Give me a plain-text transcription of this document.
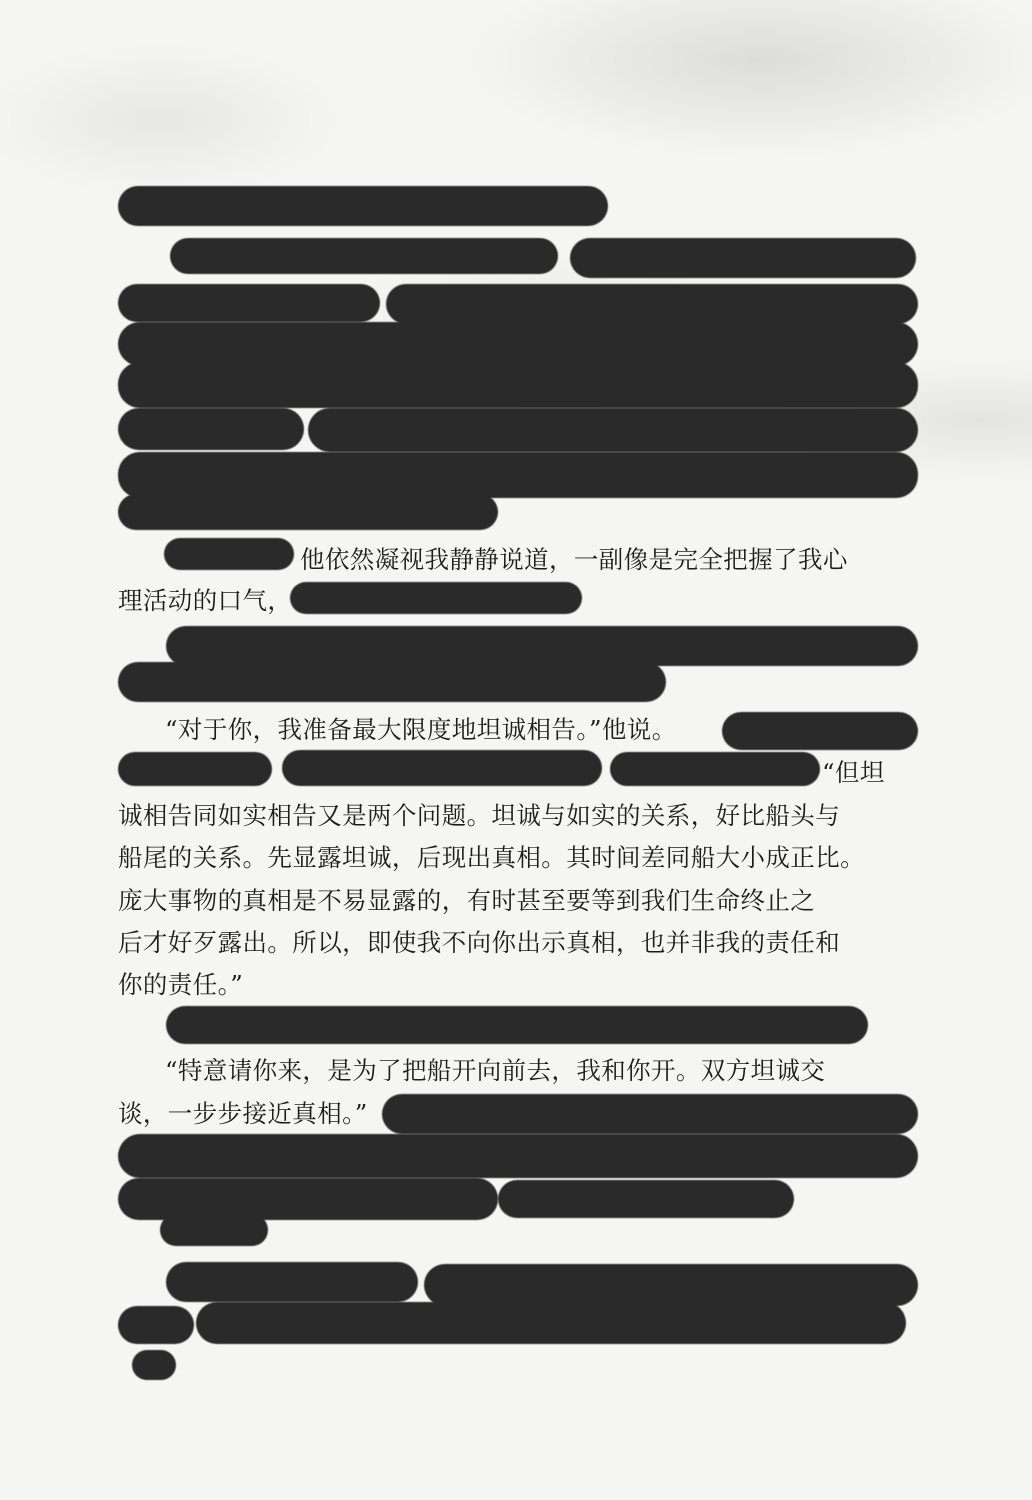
他依然凝视我静静说道，一副像是完全把握了我心
理活动的口气，
“对于你，我准备最大限度地坦诚相告。”他说。
“但坦
诚相告同如实相告又是两个问题。坦诚与如实的关系，好比船头与
船尾的关系。先显露坦诚，后现出真相。其时间差同船大小成正比。
庞大事物的真相是不易显露的，有时甚至要等到我们生命终止之
后才好歹露出。所以，即使我不向你出示真相，也并非我的责任和
你的责任。”
“特意请你来，是为了把船开向前去，我和你开。双方坦诚交
谈，一步步接近真相。”
